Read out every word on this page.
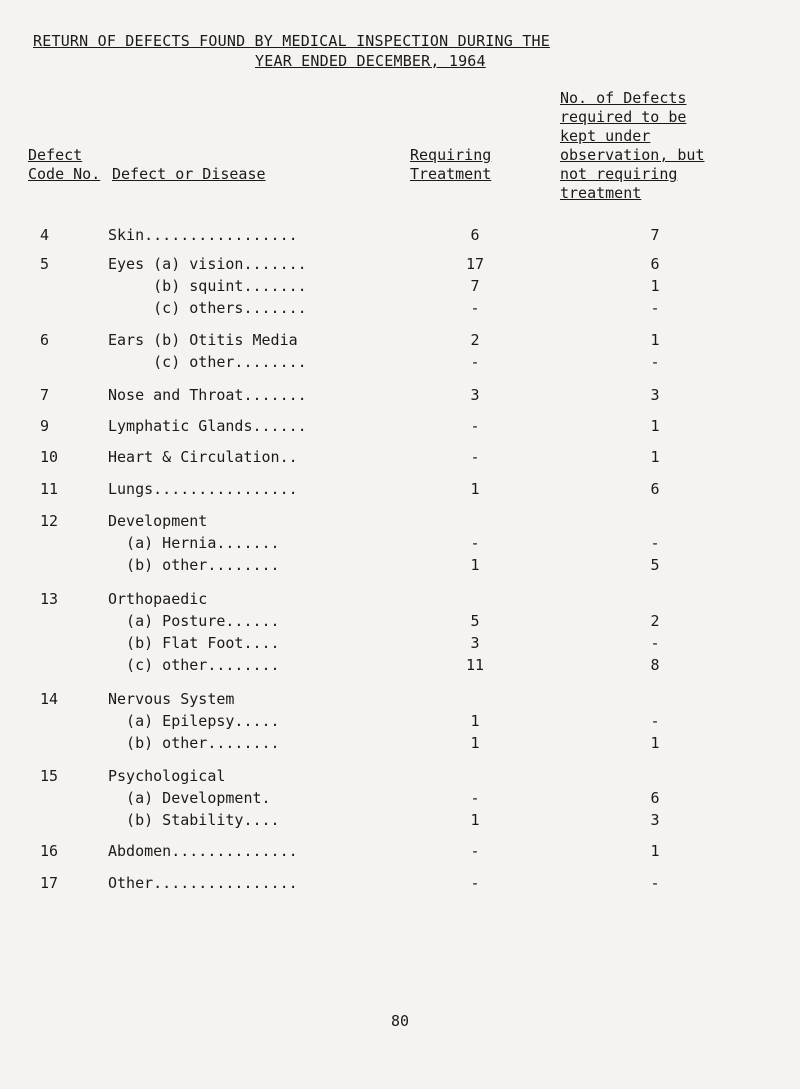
RETURN OF DEFECTS FOUND BY MEDICAL INSPECTION DURING THE
YEAR ENDED DECEMBER, 1964
Defect
Code No. Defect or Disease
Requiring
Treatment
No. of Defects
required to be
kept under
observation, but
not requiring
treatment
4	Skin.................	6	7
5	Eyes (a) vision.......	17	6
(b) squint.......	7	1
(c) others.......	-	-
6	Ears (b) Otitis Media	2	1
(c) other........	-	-
7	Nose and Throat.......	3	3
9	Lymphatic Glands......	-	1
10	Heart & Circulation..	-	1
11	Lungs................	1	6
12	Development
(a) Hernia.......	-	-
(b) other........	1	5
13	Orthopaedic
(a) Posture......	5	2
(b) Flat Foot....	3	-
(c) other........	11	8
14	Nervous System
(a) Epilepsy.....	1	-
(b) other........	1	1
15	Psychological
(a) Development.	-	6
(b) Stability....	1	3
16	Abdomen..............	-	1
17	Other................	-	-
80
